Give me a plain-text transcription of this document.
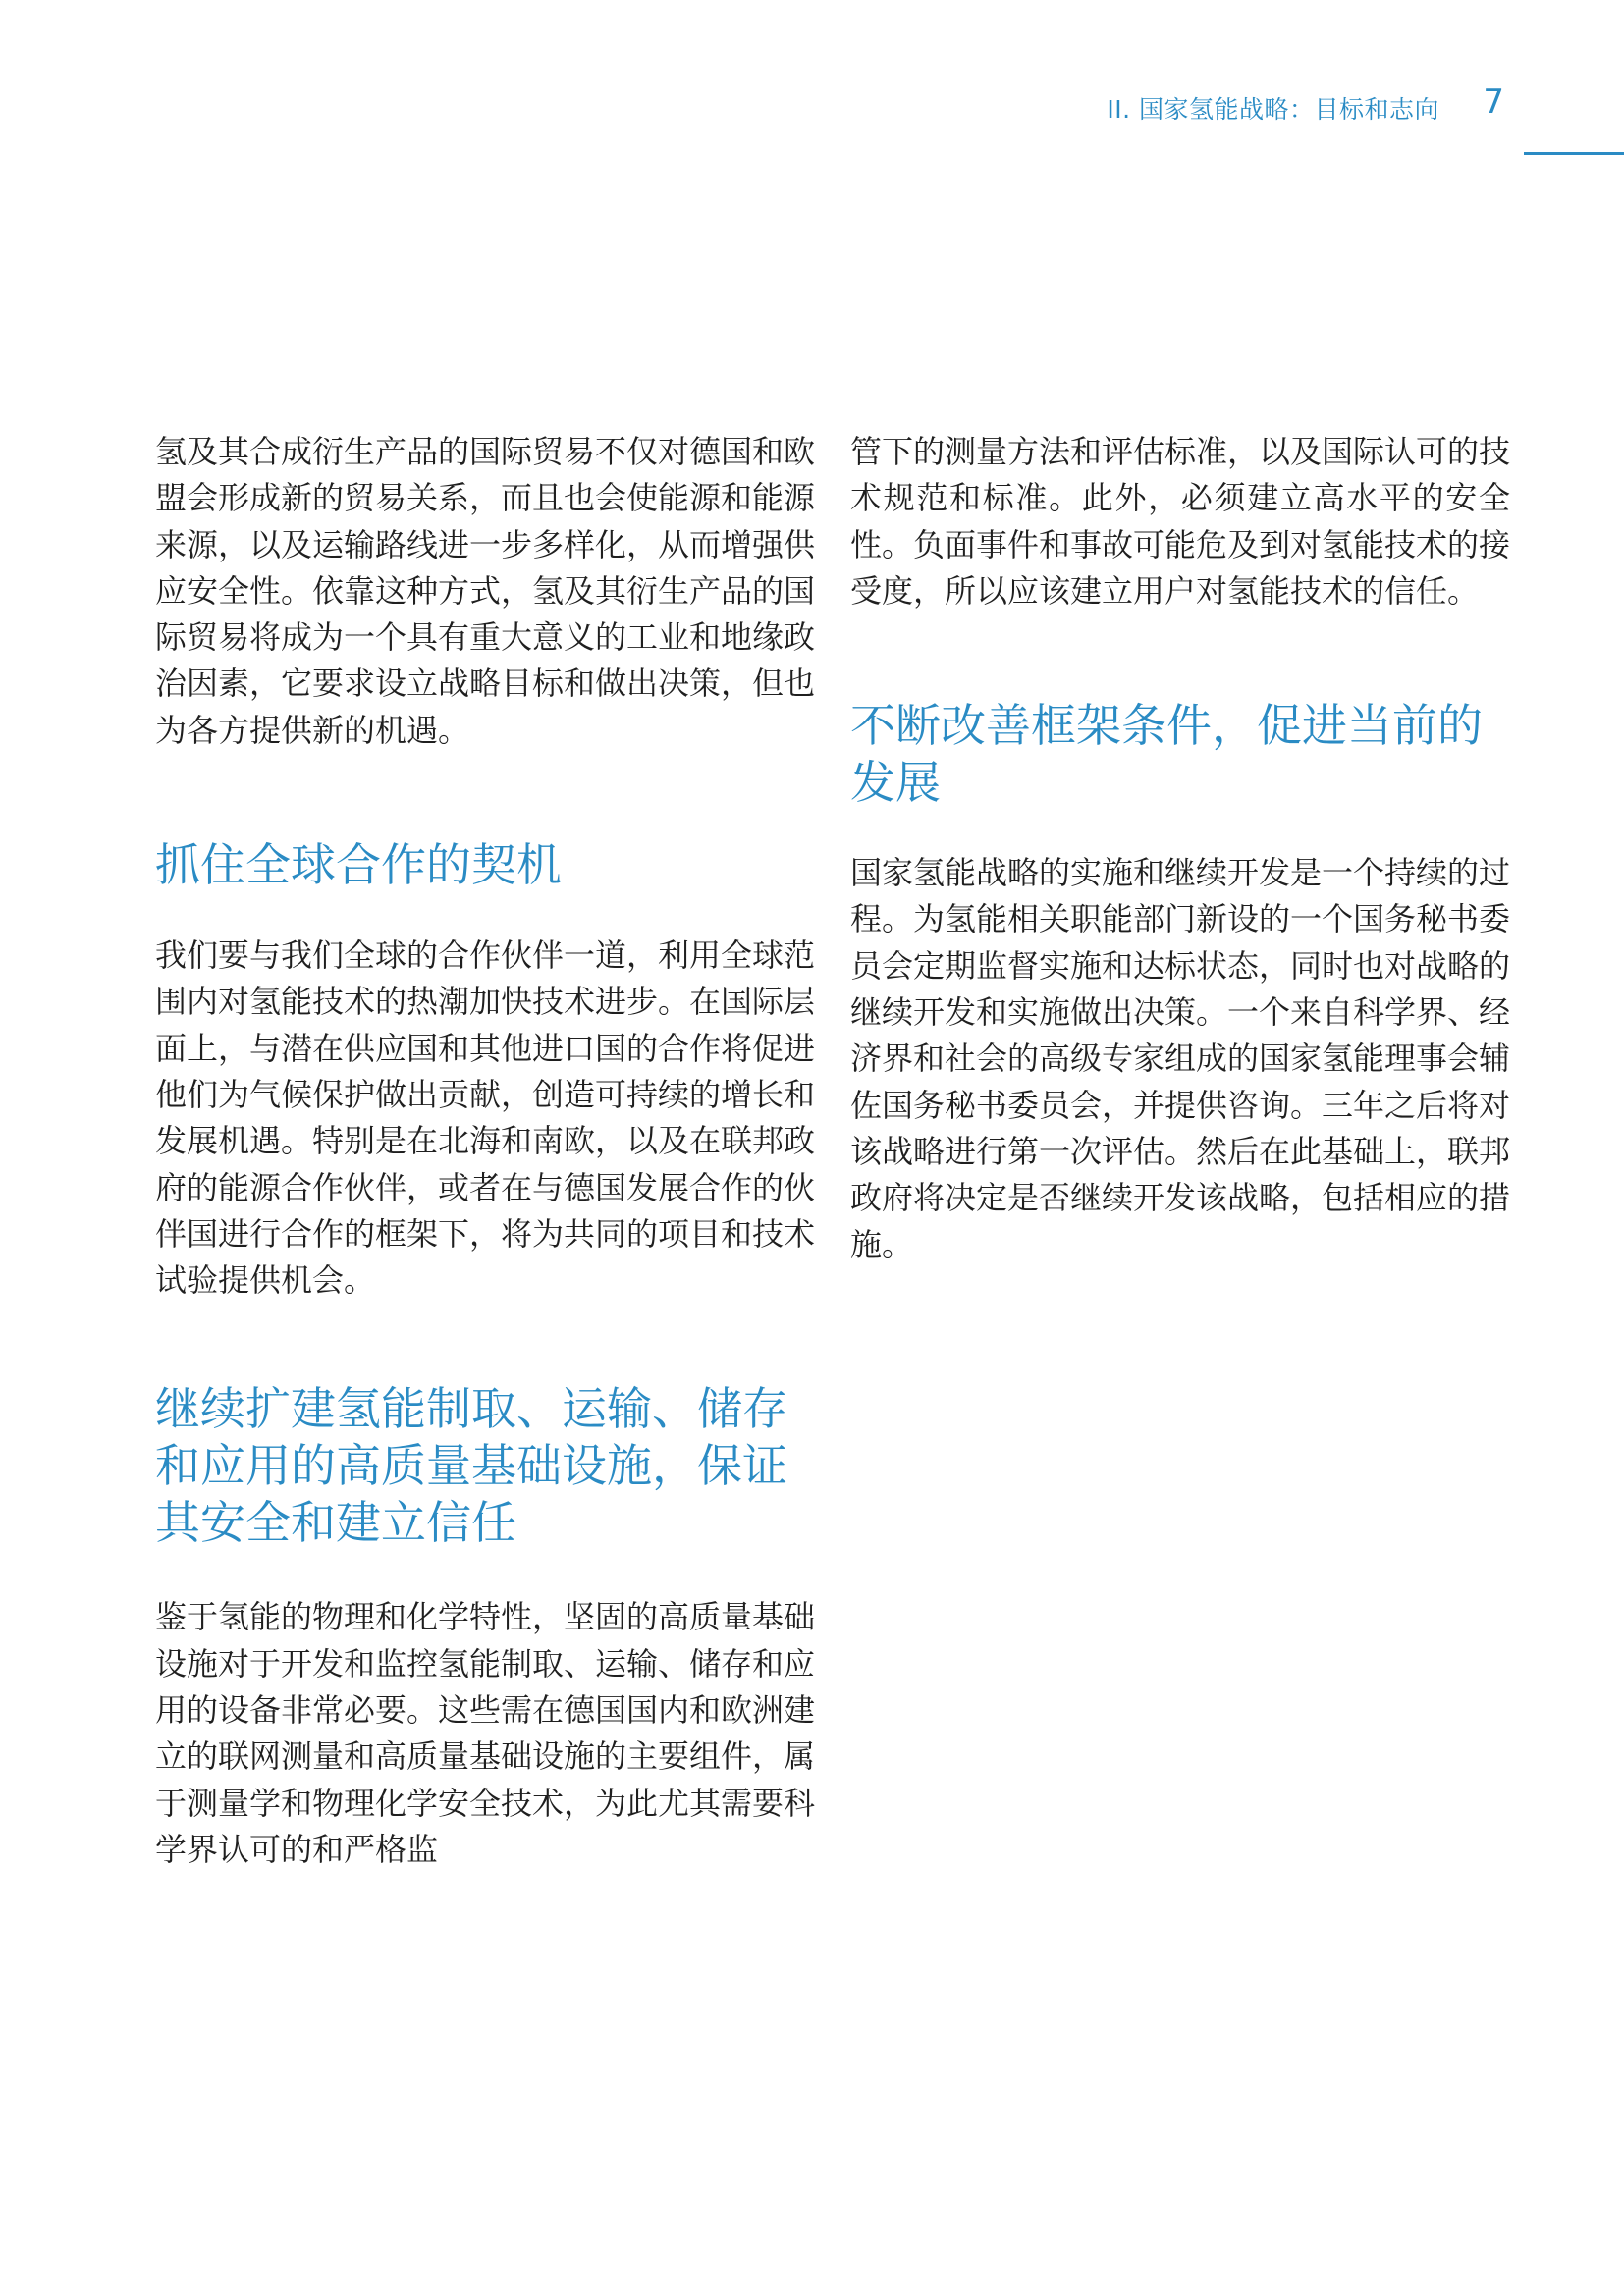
II. 国家氢能战略：目标和志向 7

氢及其合成衍生产品的国际贸易不仅对德国和欧盟会形成新的贸易关系，而且也会使能源和能源来源，以及运输路线进一步多样化，从而增强供应安全性。依靠这种方式，氢及其衍生产品的国际贸易将成为一个具有重大意义的工业和地缘政治因素，它要求设立战略目标和做出决策，但也为各方提供新的机遇。

抓住全球合作的契机

我们要与我们全球的合作伙伴一道，利用全球范围内对氢能技术的热潮加快技术进步。在国际层面上，与潜在供应国和其他进口国的合作将促进他们为气候保护做出贡献，创造可持续的增长和发展机遇。特别是在北海和南欧，以及在联邦政府的能源合作伙伴，或者在与德国发展合作的伙伴国进行合作的框架下，将为共同的项目和技术试验提供机会。

继续扩建氢能制取、运输、储存和应用的高质量基础设施，保证其安全和建立信任

鉴于氢能的物理和化学特性，坚固的高质量基础设施对于开发和监控氢能制取、运输、储存和应用的设备非常必要。这些需在德国国内和欧洲建立的联网测量和高质量基础设施的主要组件，属于测量学和物理化学安全技术，为此尤其需要科学界认可的和严格监

管下的测量方法和评估标准，以及国际认可的技术规范和标准。此外，必须建立高水平的安全性。负面事件和事故可能危及到对氢能技术的接受度，所以应该建立用户对氢能技术的信任。

不断改善框架条件，促进当前的发展

国家氢能战略的实施和继续开发是一个持续的过程。为氢能相关职能部门新设的一个国务秘书委员会定期监督实施和达标状态，同时也对战略的继续开发和实施做出决策。一个来自科学界、经济界和社会的高级专家组成的国家氢能理事会辅佐国务秘书委员会，并提供咨询。三年之后将对该战略进行第一次评估。然后在此基础上，联邦政府将决定是否继续开发该战略，包括相应的措施。
